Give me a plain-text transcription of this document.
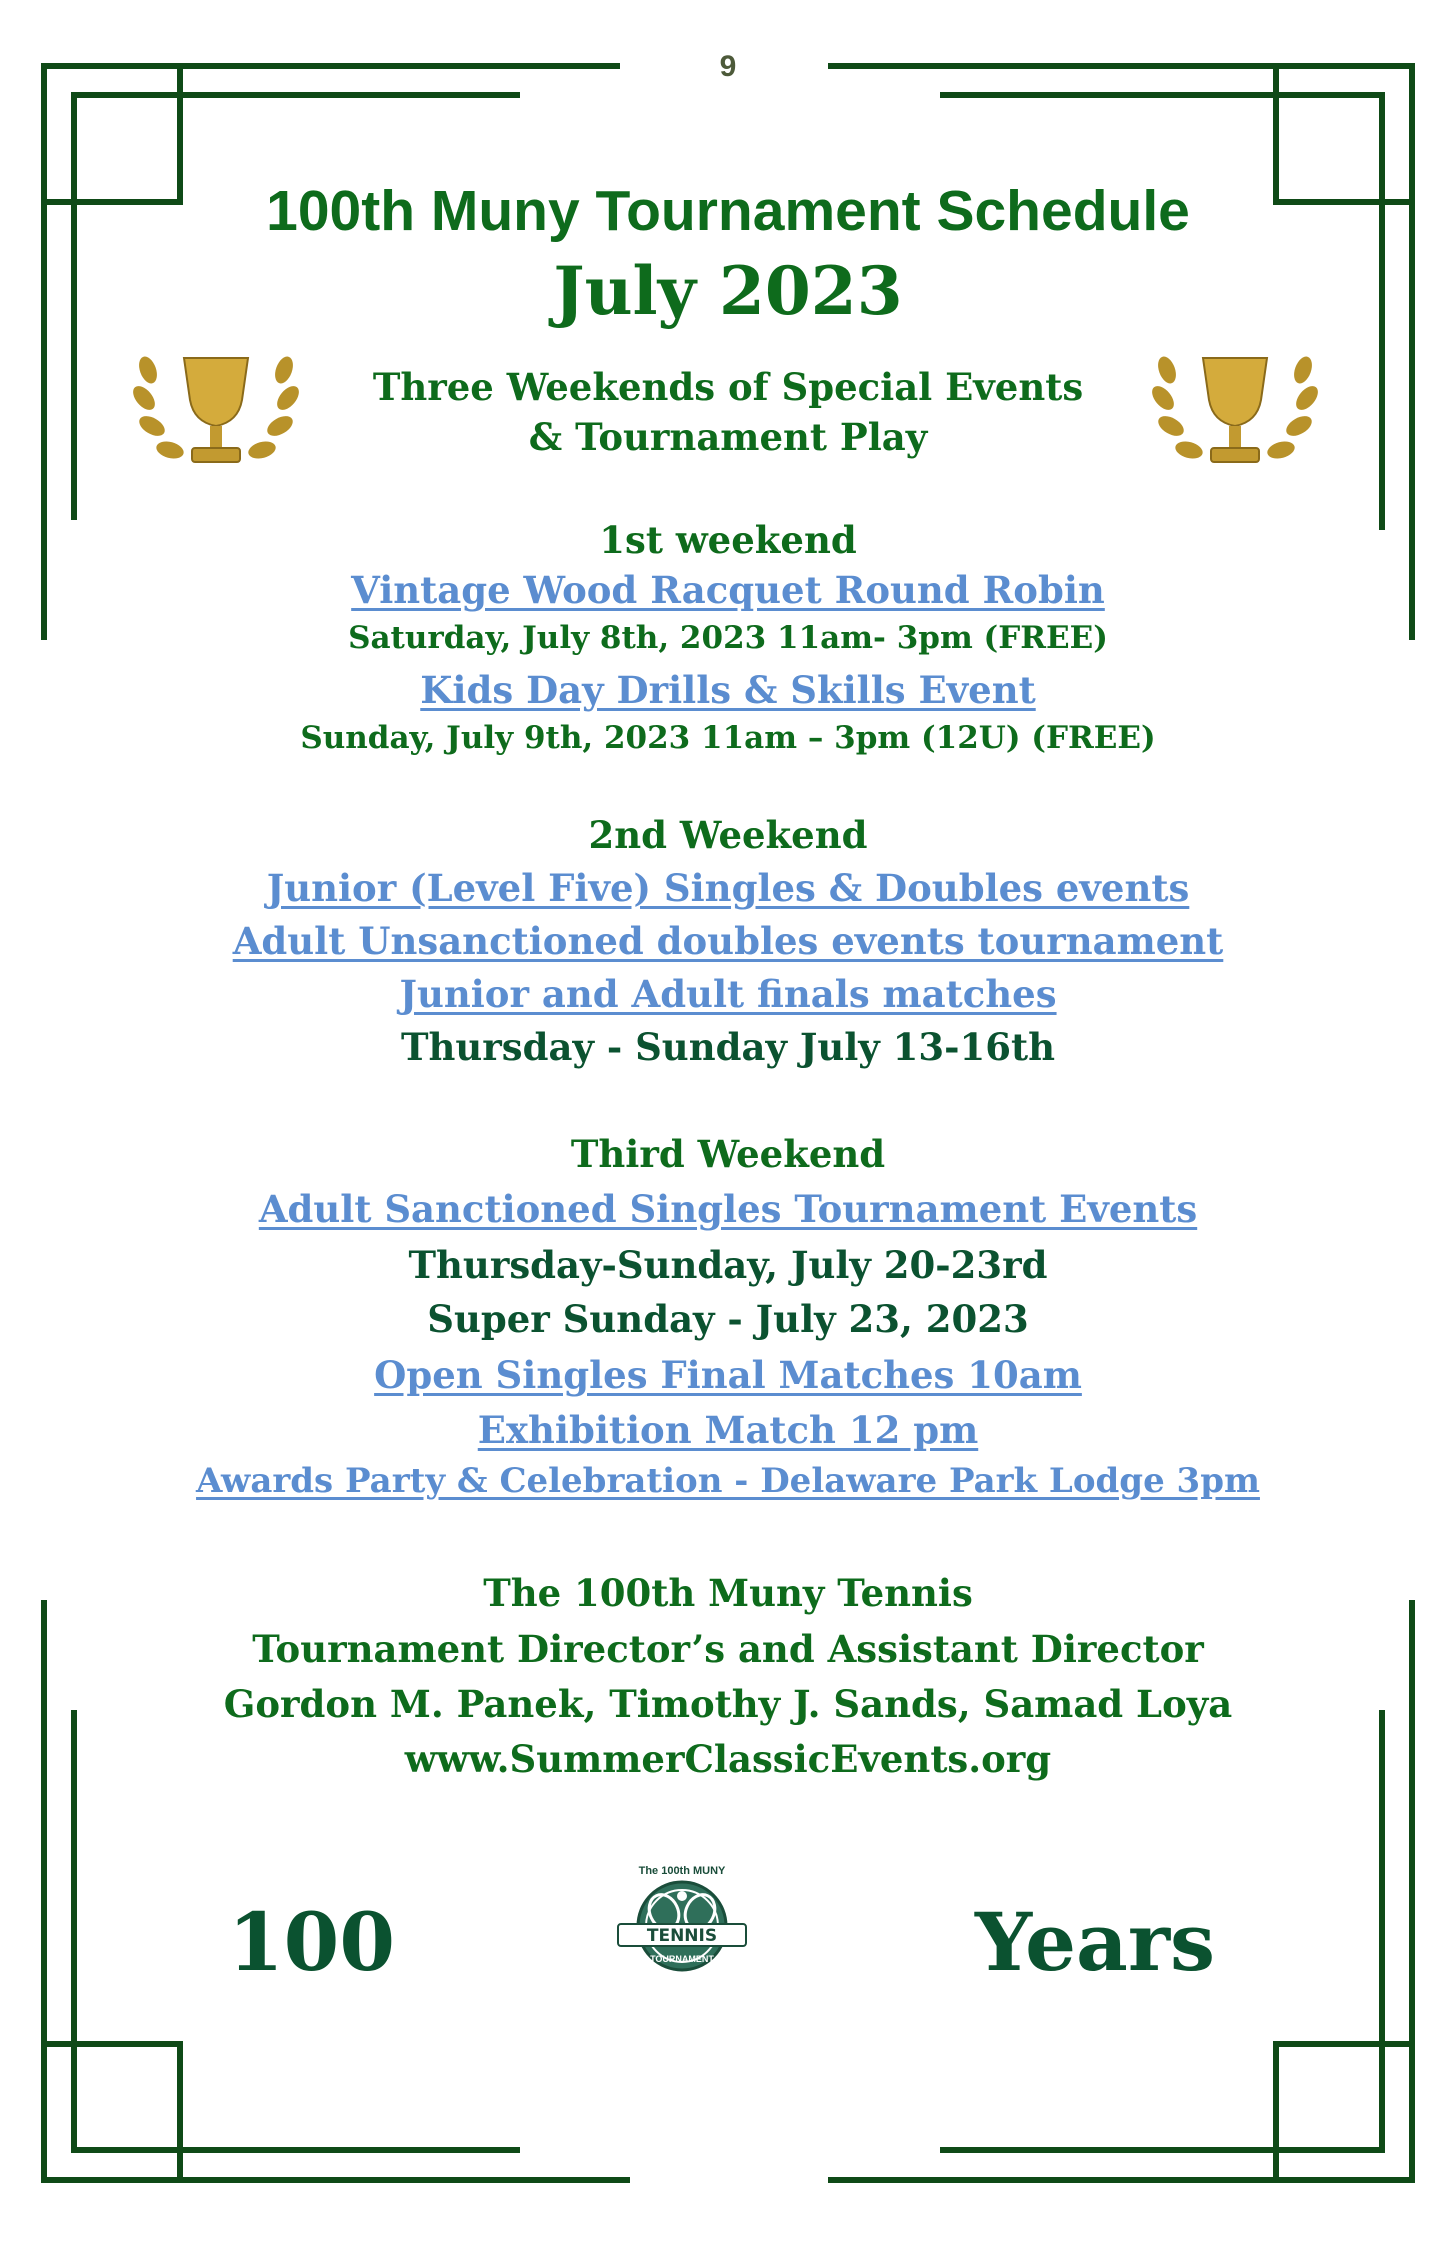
9
100th Muny Tournament Schedule
July 2023
Three Weekends of Special Events
& Tournament Play
1st weekend
Vintage Wood Racquet Round Robin
Saturday, July 8th, 2023 11am- 3pm (FREE)
Kids Day Drills & Skills Event
Sunday, July 9th, 2023 11am – 3pm (12U) (FREE)
2nd Weekend
Junior (Level Five) Singles & Doubles events
Adult Unsanctioned doubles events tournament
Junior and Adult finals matches
Thursday - Sunday July 13-16th
Third Weekend
Adult Sanctioned Singles Tournament Events
Thursday-Sunday, July 20-23rd
Super Sunday - July 23, 2023
Open Singles Final Matches 10am
Exhibition Match 12 pm
Awards Party & Celebration - Delaware Park Lodge 3pm
The 100th Muny Tennis
Tournament Director’s and Assistant Director
Gordon M. Panek, Timothy J. Sands, Samad Loya
www.SummerClassicEvents.org
100	Years
The 100th MUNY
TENNIS
TOURNAMENT
